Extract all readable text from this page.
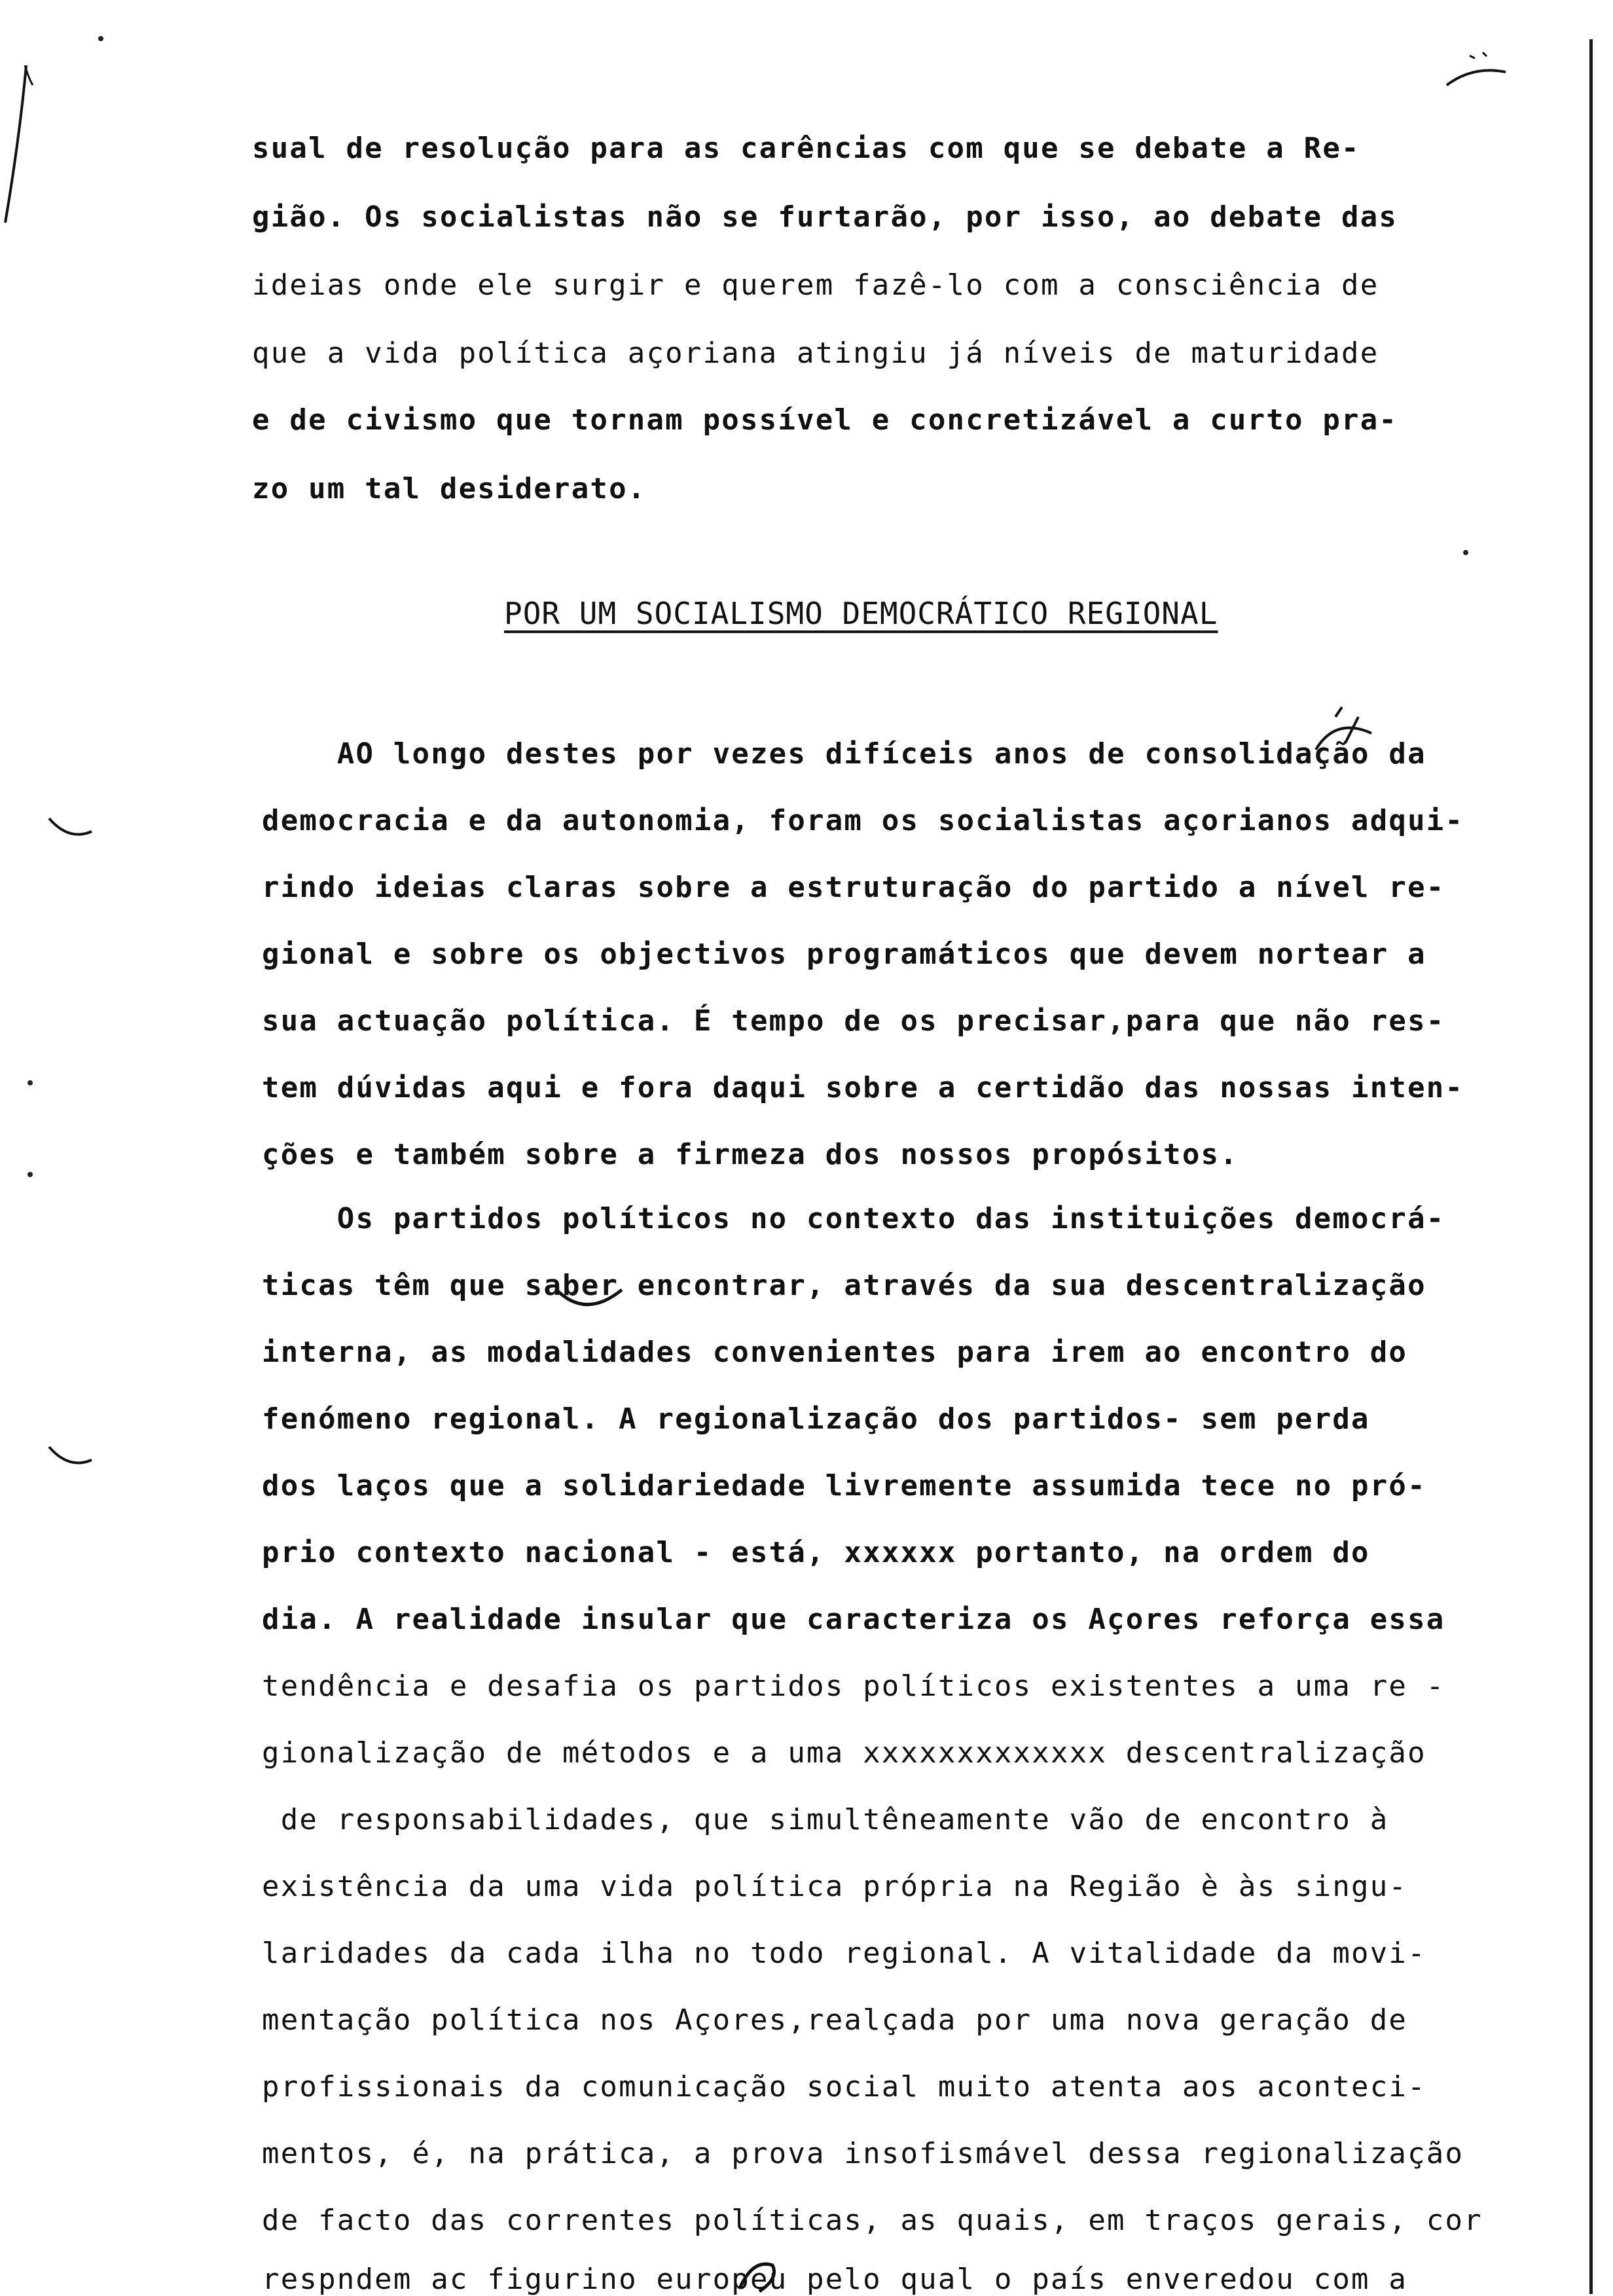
sual de resolução para as carências com que se debate a Re-
gião. Os socialistas não se furtarão, por isso, ao debate das
ideias onde ele surgir e querem fazê-lo com a consciência de
que a vida política açoriana atingiu já níveis de maturidade
e de civismo que tornam possível e concretizável a curto pra-
zo um tal desiderato.
POR UM SOCIALISMO DEMOCRÁTICO REGIONAL
AO longo destes por vezes difíceis anos de consolidação da
democracia e da autonomia, foram os socialistas açorianos adqui-
rindo ideias claras sobre a estruturação do partido a nível re-
gional e sobre os objectivos programáticos que devem nortear a
sua actuação política. É tempo de os precisar,para que não res-
tem dúvidas aqui e fora daqui sobre a certidão das nossas inten-
ções e também sobre a firmeza dos nossos propósitos.
Os partidos políticos no contexto das instituições democrá-
ticas têm que saber encontrar, através da sua descentralização
interna, as modalidades convenientes para irem ao encontro do
fenómeno regional. A regionalização dos partidos- sem perda
dos laços que a solidariedade livremente assumida tece no pró-
prio contexto nacional - está, xxxxxx portanto, na ordem do
dia. A realidade insular que caracteriza os Açores reforça essa
tendência e desafia os partidos políticos existentes a uma re -
gionalização de métodos e a uma xxxxxxxxxxxxx descentralização
de responsabilidades, que simultêneamente vão de encontro à
existência da uma vida política própria na Região è às singu-
laridades da cada ilha no todo regional. A vitalidade da movi-
mentação política nos Açores,realçada por uma nova geração de
profissionais da comunicação social muito atenta aos aconteci-
mentos, é, na prática, a prova insofismável dessa regionalização
de facto das correntes políticas, as quais, em traços gerais, cor
respndem ac figurino europeu pelo qual o país enveredou com a
